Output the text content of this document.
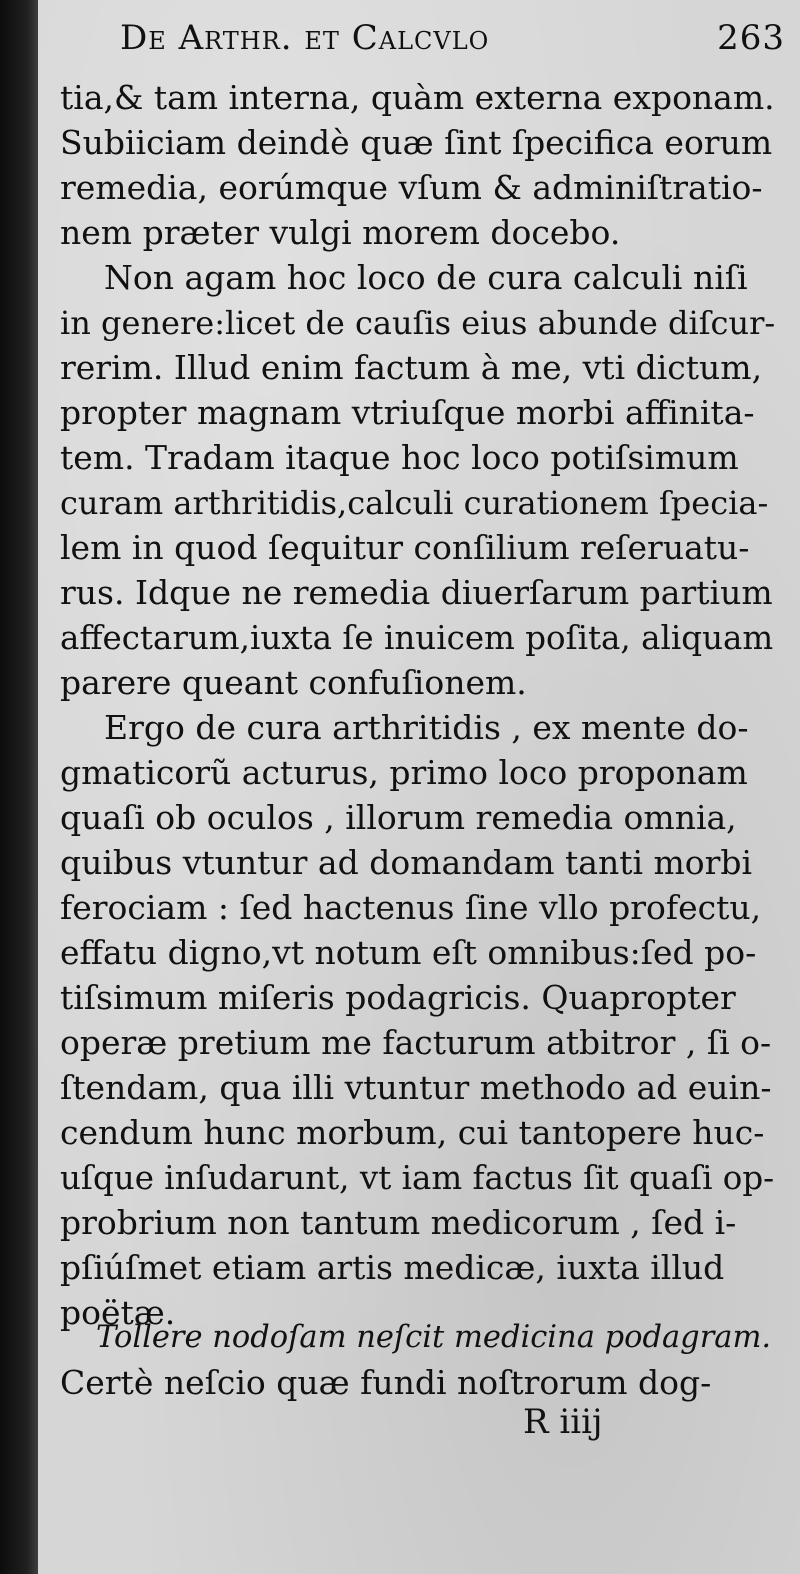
De Arthr. et Calcvlo	263
tia,& tam interna, quàm externa exponam.
Subiiciam deindè quæ ſint ſpecifica eorum
remedia, eorúmque vſum & adminiſtratio-
nem præter vulgi morem docebo.
Non agam hoc loco de cura calculi niſi
in genere:licet de cauſis eius abunde diſcur-
rerim. Illud enim factum à me, vti dictum,
propter magnam vtriuſque morbi affinita-
tem. Tradam itaque hoc loco potiſsimum
curam arthritidis,calculi curationem ſpecia-
lem in quod ſequitur conſilium reſeruatu-
rus. Idque ne remedia diuerſarum partium
affectarum,iuxta ſe inuicem poſita, aliquam
parere queant confuſionem.
Ergo de cura arthritidis , ex mente do-
gmaticorũ acturus, primo loco proponam
quaſi ob oculos , illorum remedia omnia,
quibus vtuntur ad domandam tanti morbi
ferociam : ſed hactenus ſine vllo profectu,
effatu digno,vt notum eſt omnibus:ſed po-
tiſsimum miſeris podagricis. Quapropter
operæ pretium me facturum atbitror , ſi o-
ſtendam, qua illi vtuntur methodo ad euin-
cendum hunc morbum, cui tantopere huc-
uſque inſudarunt, vt iam factus ſit quaſi op-
probrium non tantum medicorum , ſed i-
pſiúſmet etiam artis medicæ, iuxta illud
poëtæ.
Tollere nodoſam neſcit medicina podagram.
Certè neſcio quæ fundi noſtrorum dog-
R iiij
